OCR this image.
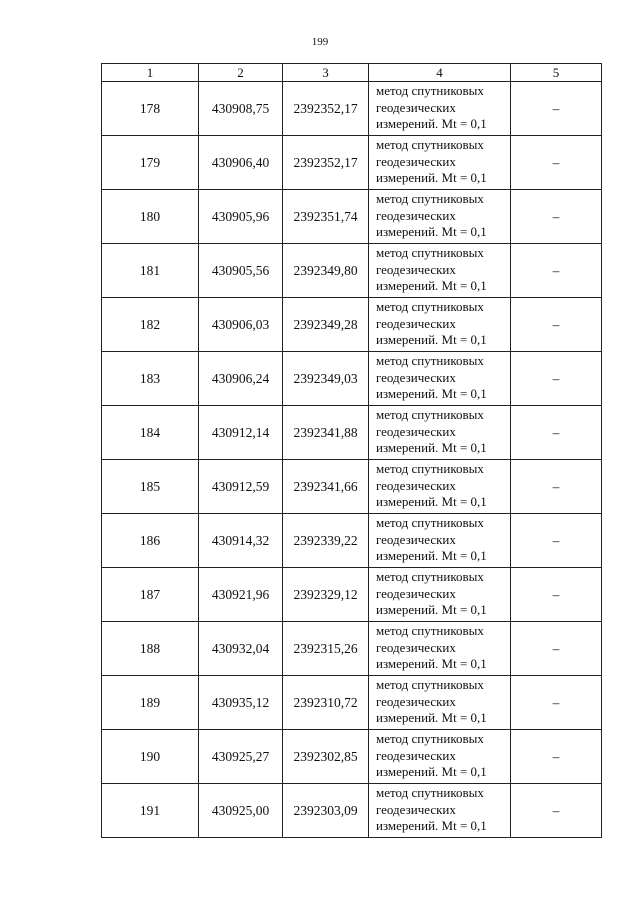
199
1	2	3	4	5
178	430908,75	2392352,17	метод спутниковых
геодезических
измерений. Mt = 0,1	–
179	430906,40	2392352,17	метод спутниковых
геодезических
измерений. Mt = 0,1	–
180	430905,96	2392351,74	метод спутниковых
геодезических
измерений. Mt = 0,1	–
181	430905,56	2392349,80	метод спутниковых
геодезических
измерений. Mt = 0,1	–
182	430906,03	2392349,28	метод спутниковых
геодезических
измерений. Mt = 0,1	–
183	430906,24	2392349,03	метод спутниковых
геодезических
измерений. Mt = 0,1	–
184	430912,14	2392341,88	метод спутниковых
геодезических
измерений. Mt = 0,1	–
185	430912,59	2392341,66	метод спутниковых
геодезических
измерений. Mt = 0,1	–
186	430914,32	2392339,22	метод спутниковых
геодезических
измерений. Mt = 0,1	–
187	430921,96	2392329,12	метод спутниковых
геодезических
измерений. Mt = 0,1	–
188	430932,04	2392315,26	метод спутниковых
геодезических
измерений. Mt = 0,1	–
189	430935,12	2392310,72	метод спутниковых
геодезических
измерений. Mt = 0,1	–
190	430925,27	2392302,85	метод спутниковых
геодезических
измерений. Mt = 0,1	–
191	430925,00	2392303,09	метод спутниковых
геодезических
измерений. Mt = 0,1	–
